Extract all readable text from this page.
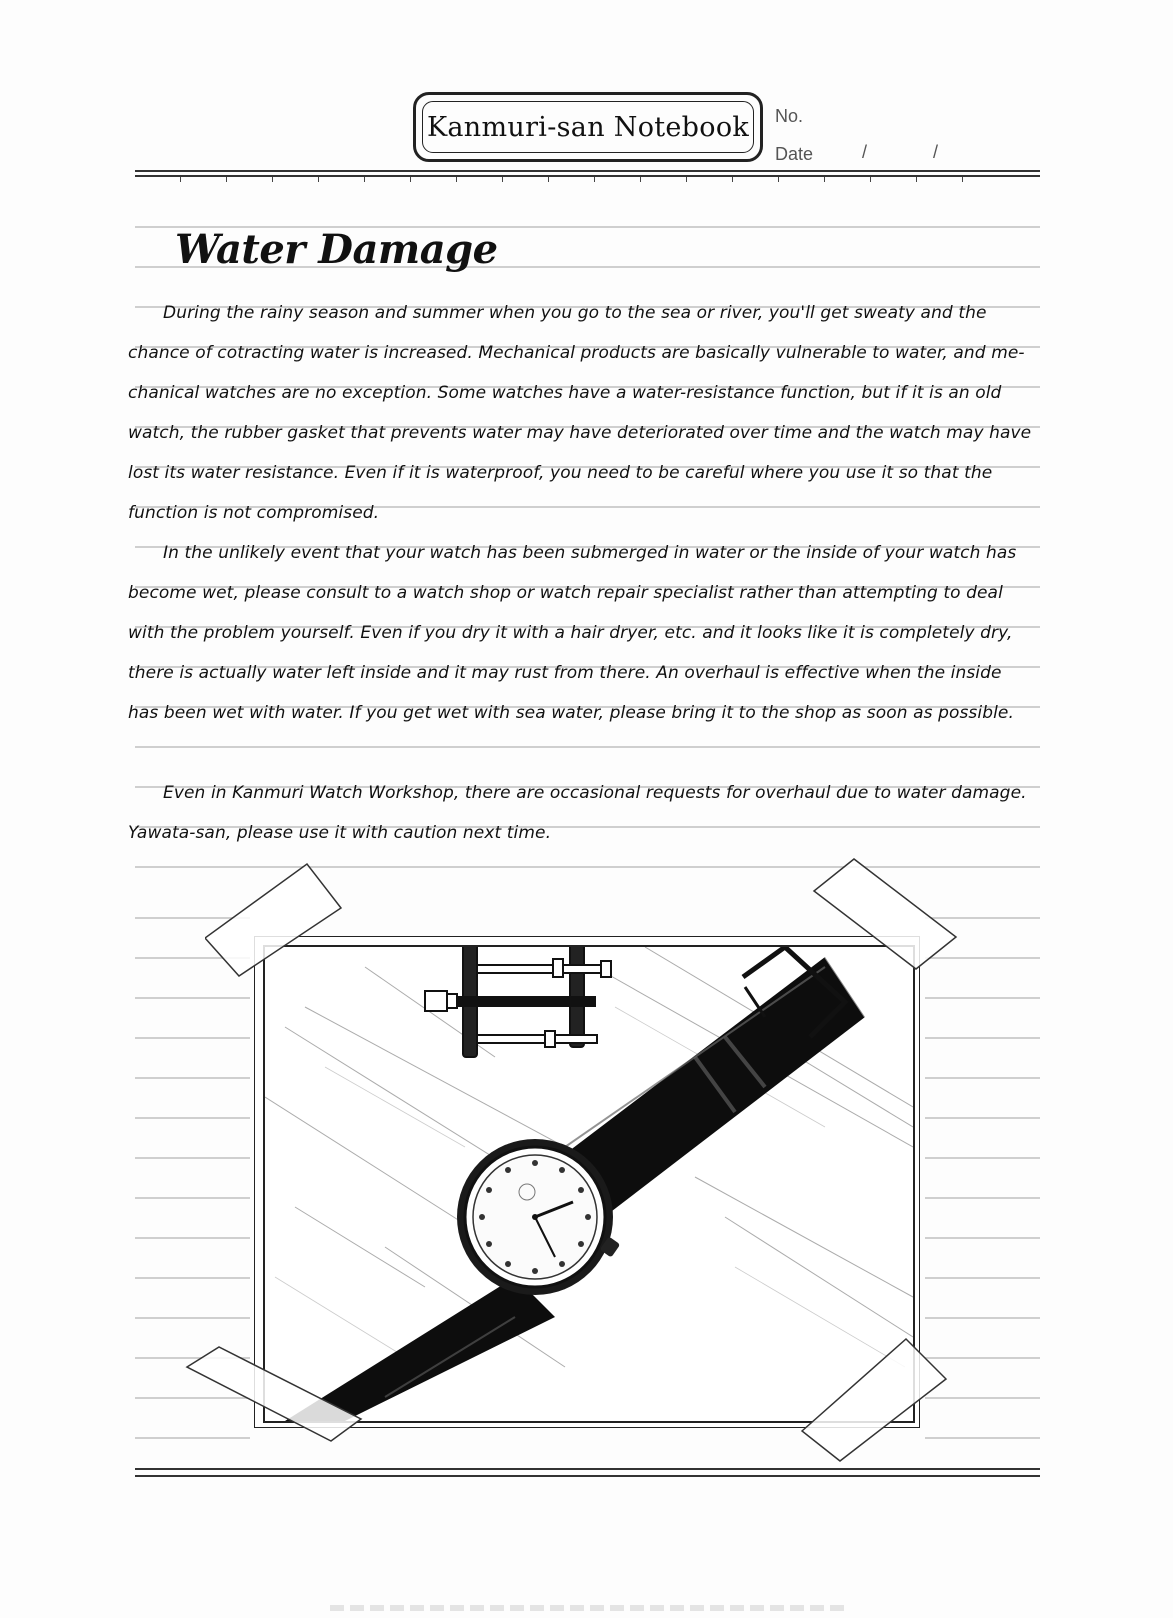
Kanmuri-san Notebook No.
Date	/	/
Water Damage
During the rainy season and summer when you go to the sea or river, you'll get sweaty and the
chance of cotracting water is increased. Mechanical products are basically vulnerable to water, and me-
chanical watches are no exception. Some watches have a water-resistance function, but if it is an old
watch, the rubber gasket that prevents water may have deteriorated over time and the watch may have
lost its water resistance. Even if it is waterproof, you need to be careful where you use it so that the
function is not compromised.
In the unlikely event that your watch has been submerged in water or the inside of your watch has
become wet, please consult to a watch shop or watch repair specialist rather than attempting to deal
with the problem yourself. Even if you dry it with a hair dryer, etc. and it looks like it is completely dry,
there is actually water left inside and it may rust from there. An overhaul is effective when the inside
has been wet with water. If you get wet with sea water, please bring it to the shop as soon as possible.
Even in Kanmuri Watch Workshop, there are occasional requests for overhaul due to water damage.
Yawata-san, please use it with caution next time.
